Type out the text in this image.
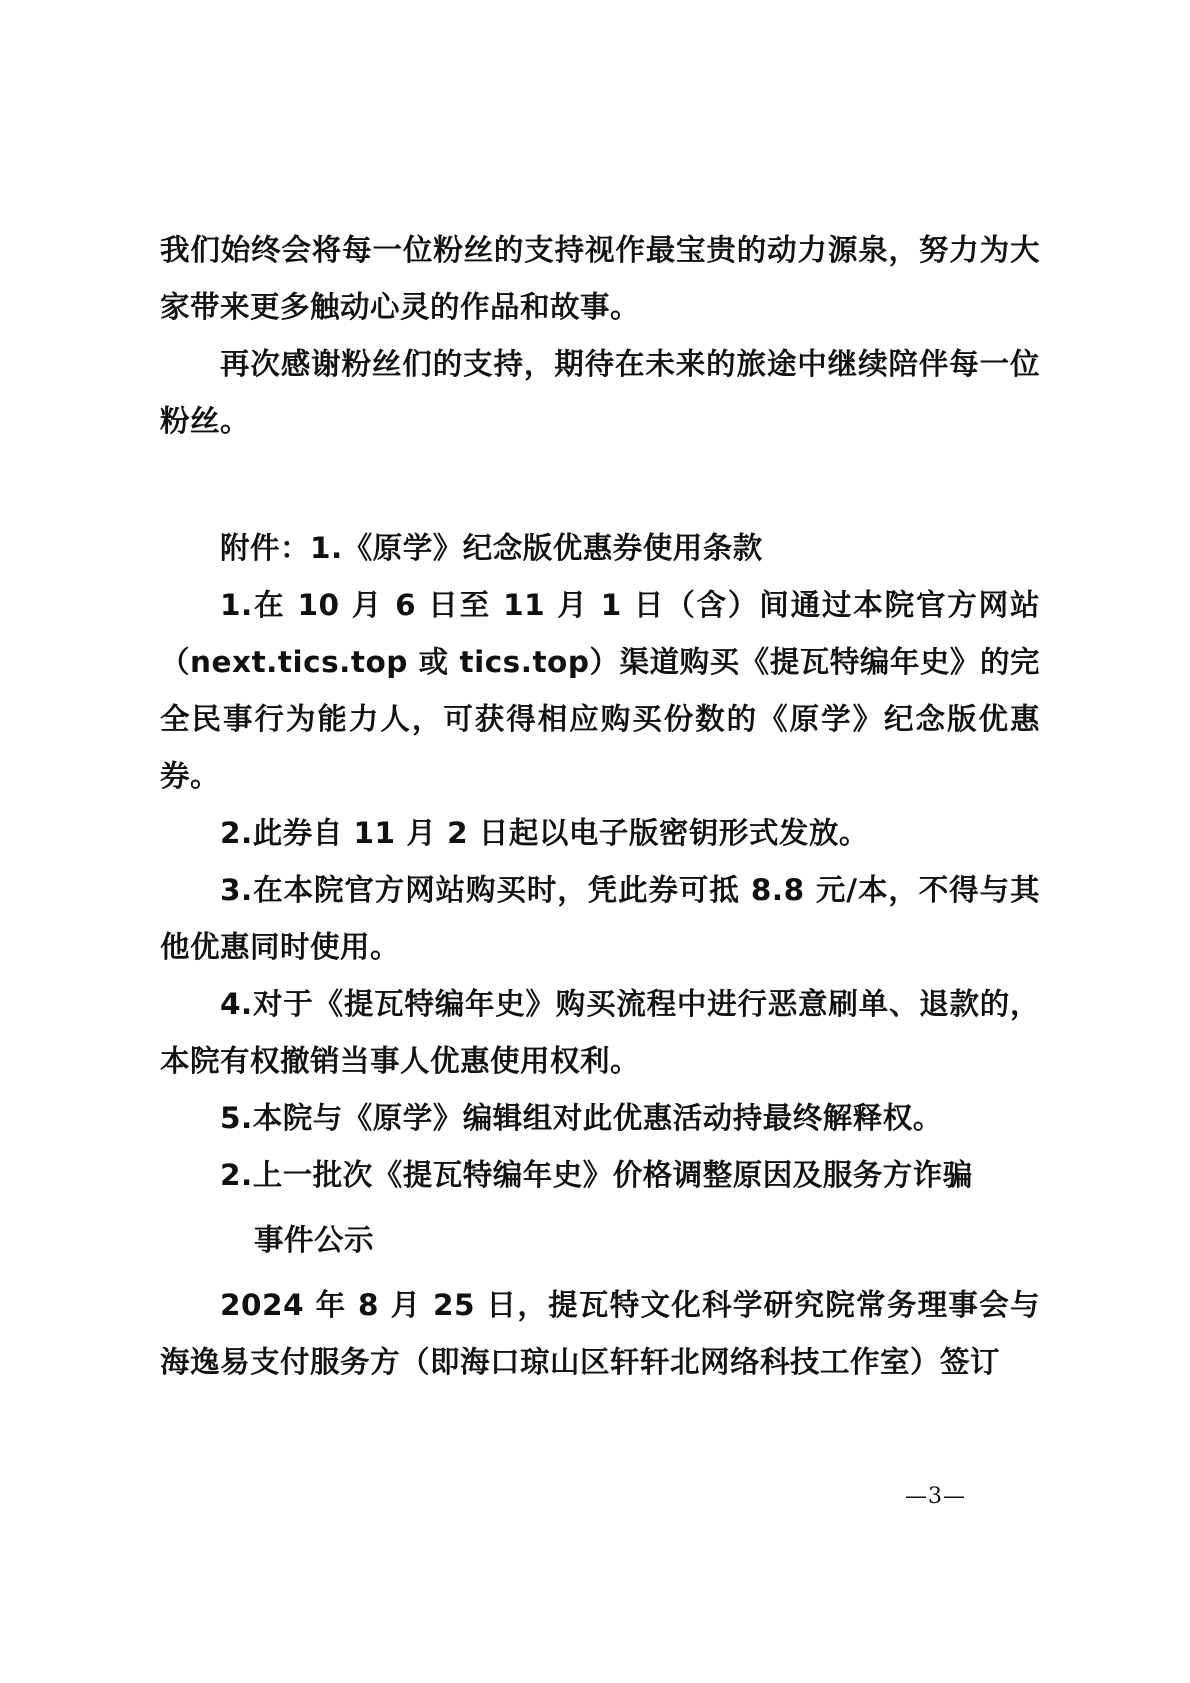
我们始终会将每一位粉丝的支持视作最宝贵的动力源泉，努力为大家带来更多触动心灵的作品和故事。

再次感谢粉丝们的支持，期待在未来的旅途中继续陪伴每一位粉丝。

附件：1.《原学》纪念版优惠券使用条款

1.在 10 月 6 日至 11 月 1 日（含）间通过本院官方网站（next.tics.top 或 tics.top）渠道购买《提瓦特编年史》的完全民事行为能力人，可获得相应购买份数的《原学》纪念版优惠券。

2.此券自 11 月 2 日起以电子版密钥形式发放。

3.在本院官方网站购买时，凭此券可抵 8.8 元/本，不得与其他优惠同时使用。

4.对于《提瓦特编年史》购买流程中进行恶意刷单、退款的，本院有权撤销当事人优惠使用权利。

5.本院与《原学》编辑组对此优惠活动持最终解释权。

2.上一批次《提瓦特编年史》价格调整原因及服务方诈骗

事件公示

2024 年 8 月 25 日，提瓦特文化科学研究院常务理事会与海逸易支付服务方（即海口琼山区轩轩北网络科技工作室）签订

—3—
